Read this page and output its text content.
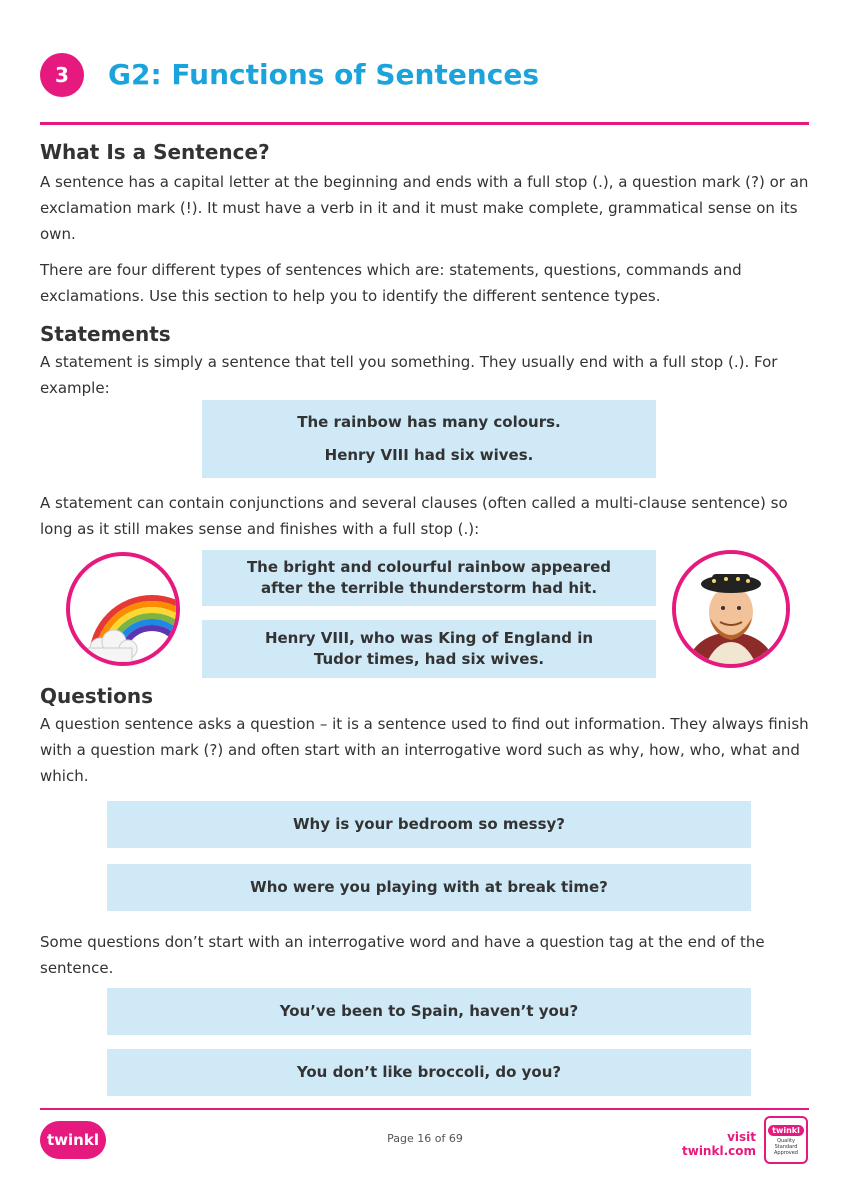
3	G2: Functions of Sentences
What Is a Sentence?
A sentence has a capital letter at the beginning and ends with a full stop (.), a question mark (?) or an exclamation mark (!). It must have a verb in it and it must make complete, grammatical sense on its own.
There are four different types of sentences which are: statements, questions, commands and exclamations. Use this section to help you to identify the different sentence types.
Statements
A statement is simply a sentence that tell you something. They usually end with a full stop (.). For example:
The rainbow has many colours.
Henry VIII had six wives.
A statement can contain conjunctions and several clauses (often called a multi-clause sentence) so long as it still makes sense and finishes with a full stop (.):
The bright and colourful rainbow appeared after the terrible thunderstorm had hit.
Henry VIII, who was King of England in Tudor times, had six wives.
Questions
A question sentence asks a question – it is a sentence used to find out information. They always finish with a question mark (?) and often start with an interrogative word such as why, how, who, what and which.
Why is your bedroom so messy?
Who were you playing with at break time?
Some questions don’t start with an interrogative word and have a question tag at the end of the sentence.
You’ve been to Spain, haven’t you?
You don’t like broccoli, do you?
twinkl	Page 16 of 69	visit twinkl.com
twinkl
Quality Standard Approved
